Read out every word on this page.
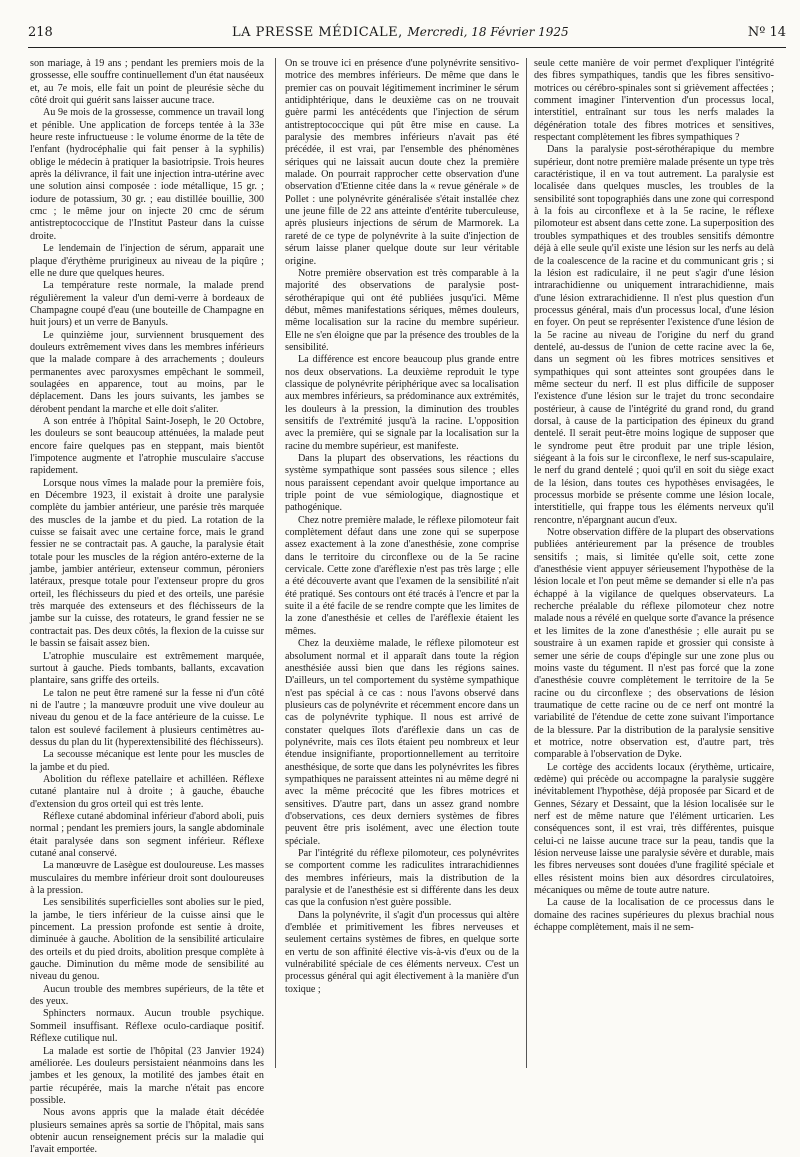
218	LA PRESSE MÉDICALE, Mercredi, 18 Février 1925	Nº 14

son mariage, à 19 ans ; pendant les premiers mois de la grossesse, elle souffre continuellement d'un état nauséeux et, au 7e mois, elle fait un point de pleurésie sèche du côté droit qui guérit sans laisser aucune trace.

Au 9e mois de la grossesse, commence un travail long et pénible. Une application de forceps tentée à la 33e heure reste infructueuse : le volume énorme de la tête de l'enfant (hydrocéphalie qui fait penser à la syphilis) oblige le médecin à pratiquer la basiotripsie. Trois heures après la délivrance, il fait une injection intra-utérine avec une solution ainsi composée : iode métallique, 15 gr. ; iodure de potassium, 30 gr. ; eau distillée bouillie, 300 cmc ; le même jour on injecte 20 cmc de sérum antistreptococcique de l'Institut Pasteur dans la cuisse droite.

Le lendemain de l'injection de sérum, apparait une plaque d'érythème prurigineux au niveau de la piqûre ; elle ne dure que quelques heures.

La température reste normale, la malade prend régulièrement la valeur d'un demi-verre à bordeaux de Champagne coupé d'eau (une bouteille de Champagne en huit jours) et un verre de Banyuls.

Le quinzième jour, surviennent brusquement des douleurs extrêmement vives dans les membres inférieurs que la malade compare à des arrachements ; douleurs permanentes avec paroxysmes empêchant le sommeil, soulagées en apparence, tout au moins, par le déplacement. Dans les jours suivants, les jambes se dérobent pendant la marche et elle doit s'aliter.

A son entrée à l'hôpital Saint-Joseph, le 20 Octobre, les douleurs se sont beaucoup atténuées, la malade peut encore faire quelques pas en steppant, mais bientôt l'impotence augmente et l'atrophie musculaire s'accuse rapidement.

Lorsque nous vîmes la malade pour la première fois, en Décembre 1923, il existait à droite une paralysie complète du jambier antérieur, une parésie très marquée des muscles de la jambe et du pied. La rotation de la cuisse se faisait avec une certaine force, mais le grand fessier ne se contractait pas. A gauche, la paralysie était totale pour les muscles de la région antéro-externe de la jambe, jambier antérieur, extenseur commun, péroniers latéraux, presque totale pour l'extenseur propre du gros orteil, les fléchisseurs du pied et des orteils, une parésie très marquée des extenseurs et des fléchisseurs de la jambe sur la cuisse, des rotateurs, le grand fessier ne se contractait pas. Des deux côtés, la flexion de la cuisse sur le bassin se faisait assez bien.

L'atrophie musculaire est extrêmement marquée, surtout à gauche. Pieds tombants, ballants, excavation plantaire, sans griffe des orteils.

Le talon ne peut être ramené sur la fesse ni d'un côté ni de l'autre ; la manœuvre produit une vive douleur au niveau du genou et de la face antérieure de la cuisse. Le talon est soulevé facilement à plusieurs centimètres au-dessus du plan du lit (hyperextensibilité des fléchisseurs).

La secousse mécanique est lente pour les muscles de la jambe et du pied.

Abolition du réflexe patellaire et achilléen. Réflexe cutané plantaire nul à droite ; à gauche, ébauche d'extension du gros orteil qui est très lente.

Réflexe cutané abdominal inférieur d'abord aboli, puis normal ; pendant les premiers jours, la sangle abdominale était paralysée dans son segment inférieur. Réflexe cutané anal conservé.

La manœuvre de Lasègue est douloureuse. Les masses musculaires du membre inférieur droit sont douloureuses à la pression.

Les sensibilités superficielles sont abolies sur le pied, la jambe, le tiers inférieur de la cuisse ainsi que le pincement. La pression profonde est sentie à droite, diminuée à gauche. Abolition de la sensibilité articulaire des orteils et du pied droits, abolition presque complète à gauche. Diminution du même mode de sensibilité au niveau du genou.

Aucun trouble des membres supérieurs, de la tête et des yeux.

Sphincters normaux. Aucun trouble psychique. Sommeil insuffisant. Réflexe oculo-cardiaque positif. Réflexe cutilique nul.

La malade est sortie de l'hôpital (23 Janvier 1924) améliorée. Les douleurs persistaient néanmoins dans les jambes et les genoux, la motilité des jambes était en partie récupérée, mais la marche n'était pas encore possible.

Nous avons appris que la malade était décédée plusieurs semaines après sa sortie de l'hôpital, mais sans obtenir aucun renseignement précis sur la maladie qui l'avait emportée.

On se trouve ici en présence d'une polynévrite sensitivo-motrice des membres inférieurs. De même que dans le premier cas on pouvait légitimement incriminer le sérum antidiphtérique, dans le deuxième cas on ne trouvait guère parmi les antécédents que l'injection de sérum antistreptococcique qui pût être mise en cause. La paralysie des membres inférieurs n'avait pas été précédée, il est vrai, par l'ensemble des phénomènes sériques qui ne laissait aucun doute chez la première malade. On pourrait rapprocher cette observation d'une observation d'Etienne citée dans la « revue générale » de Pollet : une polynévrite généralisée s'était installée chez une jeune fille de 22 ans atteinte d'entérite tuberculeuse, après plusieurs injections de sérum de Marmorek. La rareté de ce type de polynévrite à la suite d'injection de sérum laisse planer quelque doute sur leur véritable origine.

Notre première observation est très comparable à la majorité des observations de paralysie post-sérothérapique qui ont été publiées jusqu'ici. Même début, mêmes manifestations sériques, mêmes douleurs, même localisation sur la racine du membre supérieur. Elle ne s'en éloigne que par la présence des troubles de la sensibilité.

La différence est encore beaucoup plus grande entre nos deux observations. La deuxième reproduit le type classique de polynévrite périphérique avec sa localisation aux membres inférieurs, sa prédominance aux extrémités, les douleurs à la pression, la diminution des troubles sensitifs de l'extrémité jusqu'à la racine. L'opposition avec la première, qui se signale par la localisation sur la racine du membre supérieur, est manifeste.

Dans la plupart des observations, les réactions du système sympathique sont passées sous silence ; elles nous paraissent cependant avoir quelque importance au triple point de vue sémiologique, diagnostique et pathogénique.

Chez notre première malade, le réflexe pilomoteur fait complètement défaut dans une zone qui se superpose assez exactement à la zone d'anesthésie, zone comprise dans le territoire du circonflexe ou de la 5e racine cervicale. Cette zone d'aréflexie n'est pas très large ; elle a été découverte avant que l'examen de la sensibilité n'ait été pratiqué. Ses contours ont été tracés à l'encre et par la suite il a été facile de se rendre compte que les limites de la zone d'anesthésie et celles de l'aréflexie étaient les mêmes.

Chez la deuxième malade, le réflexe pilomoteur est absolument normal et il apparaît dans toute la région anesthésiée aussi bien que dans les régions saines. D'ailleurs, un tel comportement du système sympathique n'est pas spécial à ce cas : nous l'avons observé dans plusieurs cas de polynévrite et récemment encore dans un cas de polynévrite typhique. Il nous est arrivé de constater quelques îlots d'aréflexie dans un cas de polynévrite, mais ces îlots étaient peu nombreux et leur étendue insignifiante, proportionnellement au territoire anesthésique, de sorte que dans les polynévrites les fibres sympathiques ne paraissent atteintes ni au même degré ni avec la même précocité que les fibres motrices et sensitives. D'autre part, dans un assez grand nombre d'observations, ces deux derniers systèmes de fibres peuvent être pris isolément, avec une élection toute spéciale.

Par l'intégrité du réflexe pilomoteur, ces polynévrites se comportent comme les radiculites intrarachidiennes des membres inférieurs, mais la distribution de la paralysie et de l'anesthésie est si différente dans les deux cas que la confusion n'est guère possible.

Dans la polynévrite, il s'agit d'un processus qui altère d'emblée et primitivement les fibres nerveuses et seulement certains systèmes de fibres, en quelque sorte en vertu de son affinité élective vis-à-vis d'eux ou de la vulnérabilité spéciale de ces éléments nerveux. C'est un processus général qui agit électivement à la manière d'un toxique ;

seule cette manière de voir permet d'expliquer l'intégrité des fibres sympathiques, tandis que les fibres sensitivo-motrices ou cérébro-spinales sont si grièvement affectées ; comment imaginer l'intervention d'un processus local, interstitiel, entraînant sur tous les nerfs malades la dégénération totale des fibres motrices et sensitives, respectant complètement les fibres sympathiques ?

Dans la paralysie post-sérothérapique du membre supérieur, dont notre première malade présente un type très caractéristique, il en va tout autrement. La paralysie est localisée dans quelques muscles, les troubles de la sensibilité sont topographiés dans une zone qui correspond à la fois au circonflexe et à la 5e racine, le réflexe pilomoteur est absent dans cette zone. La superposition des troubles sympathiques et des troubles sensitifs démontre déjà à elle seule qu'il existe une lésion sur les nerfs au delà de la coalescence de la racine et du communicant gris ; si la lésion est radiculaire, il ne peut s'agir d'une lésion intrarachidienne ou uniquement intrarachidienne, mais d'une lésion extrarachidienne. Il n'est plus question d'un processus général, mais d'un processus local, d'une lésion en foyer. On peut se représenter l'existence d'une lésion de la 5e racine au niveau de l'origine du nerf du grand dentelé, au-dessus de l'union de cette racine avec la 6e, dans un segment où les fibres motrices sensitives et sympathiques qui sont atteintes sont groupées dans le même secteur du nerf. Il est plus difficile de supposer l'existence d'une lésion sur le trajet du tronc secondaire postérieur, à cause de l'intégrité du grand rond, du grand dorsal, à cause de la participation des épineux du grand dentelé. Il serait peut-être moins logique de supposer que le syndrome peut être produit par une triple lésion, siégeant à la fois sur le circonflexe, le nerf sus-scapulaire, le nerf du grand dentelé ; quoi qu'il en soit du siège exact de la lésion, dans toutes ces hypothèses envisagées, le processus morbide se présente comme une lésion locale, interstitielle, qui frappe tous les éléments nerveux qu'il rencontre, n'épargnant aucun d'eux.

Notre observation diffère de la plupart des observations publiées antérieurement par la présence de troubles sensitifs ; mais, si limitée qu'elle soit, cette zone d'anesthésie vient appuyer sérieusement l'hypothèse de la lésion locale et l'on peut même se demander si elle n'a pas échappé à la vigilance de quelques observateurs. La recherche préalable du réflexe pilomoteur chez notre malade nous a révélé en quelque sorte d'avance la présence et les limites de la zone d'anesthésie ; elle aurait pu se soustraire à un examen rapide et grossier qui consiste à semer une série de coups d'épingle sur une zone plus ou moins vaste du tégument. Il n'est pas forcé que la zone d'anesthésie couvre complètement le territoire de la 5e racine ou du circonflexe ; des observations de lésion traumatique de cette racine ou de ce nerf ont montré la variabilité de l'étendue de cette zone suivant l'importance de la blessure. Par la distribution de la paralysie sensitive et motrice, notre observation est, d'autre part, très comparable à l'observation de Dyke.

Le cortège des accidents locaux (érythème, urticaire, œdème) qui précède ou accompagne la paralysie suggère inévitablement l'hypothèse, déjà proposée par Sicard et de Gennes, Sézary et Dessaint, que la lésion localisée sur le nerf est de même nature que l'élément urticarien. Les conséquences sont, il est vrai, très différentes, puisque celui-ci ne laisse aucune trace sur la peau, tandis que la lésion nerveuse laisse une paralysie sévère et durable, mais les fibres nerveuses sont douées d'une fragilité spéciale et elles résistent moins bien aux désordres circulatoires, mécaniques ou même de toute autre nature.

La cause de la localisation de ce processus dans le domaine des racines supérieures du plexus brachial nous échappe complètement, mais il ne sem-
